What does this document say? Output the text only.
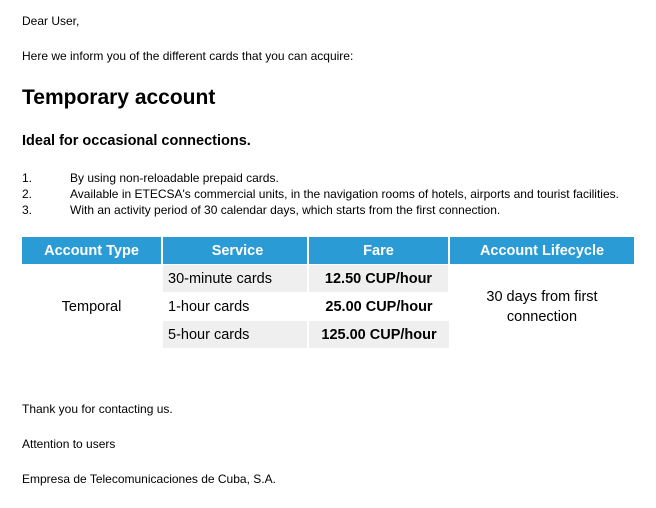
Dear User,
Here we inform you of the different cards that you can acquire:
Temporary account
Ideal for occasional connections.
1.	By using non-reloadable prepaid cards.
2.	Available in ETECSA's commercial units, in the navigation rooms of hotels, airports and tourist facilities.
3.	With an activity period of 30 calendar days, which starts from the first connection.
Account Type	Service	Fare	Account Lifecycle
Temporal	30-minute cards	12.50 CUP/hour	30 days from first connection

	1-hour cards	25.00 CUP/hour	
	5-hour cards	125.00 CUP/hour	
Thank you for contacting us.
Attention to users
Empresa de Telecomunicaciones de Cuba, S.A.
